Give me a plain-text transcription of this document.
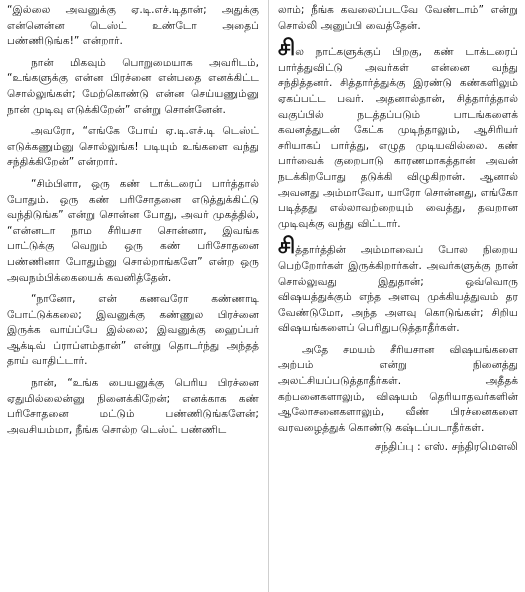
“இல்லை அவனுக்கு ஏ.டி.எச்.டிதான்; அதுக்கு என்னென்ன டெஸ்ட் உண்டோ அதைப் பண்ணிடுங்க!” என்றார்.

நான் மிகவும் பொறுமையாக அவரிடம், “உங்களுக்கு என்ன பிரச்னை என்பதை எனக்கிட்ட சொல்லுங்கள்; மேற்கொண்டு என்ன செய்யணும்னு நான் முடிவு எடுக்கிறேன்” என்று சொன்னேன்.

அவரோ, “எங்கே போய் ஏ.டி.எச்.டி டெஸ்ட் எடுக்கணும்னு சொல்லுங்க! படியும் உங்களை வந்து சந்திக்கிறேன்” என்றார்.

“சிம்பிளா, ஒரு கண் டாக்டரைப் பார்த்தால் போதும். ஒரு கண் பரிசோதனை எடுத்துக்கிட்டு வந்திடுங்க” என்று சொன்ன போது, அவர் முகத்தில், “என்னடா நாம சீரியசா சொன்னா, இவங்க பாட்டுக்கு வெறும் ஒரு கண் பரிசோதனை பண்ணினா போதும்னு சொல்றாங்களே” என்ற ஒரு அவநம்பிக்கையைக் கவனித்தேன்.

“நானோ, என் கணவரோ கண்ணாடி போட்டுக்கலை; இவனுக்கு கண்ணுல பிரச்னை இருக்க வாய்ப்பே இல்லை; இவனுக்கு ஹைப்பர் ஆக்டிவ் ப்ராப்ளம்தான்” என்று தொடர்ந்து அந்தத் தாய் வாதிட்டார்.

நான், “உங்க பையனுக்கு பெரிய பிரச்னை ஏதுமில்லைன்னு நினைக்கிறேன்; எனக்காக கண் பரிசோதனை மட்டும் பண்ணிடுங்களேன்; அவசியம்மா, நீங்க சொல்ற டெஸ்ட் பண்ணிட

லாம்; நீங்க கவலைப்படவே வேண்டாம்” என்று சொல்லி அனுப்பி வைத்தேன்.

சில நாட்களுக்குப் பிறகு, கண் டாக்டரைப் பார்த்துவிட்டு அவர்கள் என்னை வந்து சந்தித்தனர். சித்தார்த்துக்கு இரண்டு கண்களிலும் ஏகப்பட்ட பவர். அதனால்தான், சித்தார்த்தால் வகுப்பில் நடத்தப்படும் பாடங்களைக் கவனத்துடன் கேட்க முடிந்தாலும், ஆசிரியர் சரியாகப் பார்த்து, எழுத முடியவில்லை. கண் பார்வைக் குறைபாடு காரணமாகத்தான் அவன் நடக்கிறபோது தடுக்கி விழுகிறான். ஆனால் அவனது அம்மாவோ, யாரோ சொன்னது, எங்கோ படித்தது எல்லாவற்றையும் வைத்து, தவறான முடிவுக்கு வந்து விட்டார்.

சித்தார்த்தின் அம்மாவைப் போல நிறைய பெற்றோர்கள் இருக்கிறார்கள். அவர்களுக்கு நான் சொல்லுவது இதுதான்; ஒவ்வொரு விஷயத்துக்கும் எந்த அளவு முக்கியத்துவம் தர வேண்டுமோ, அந்த அளவு கொடுங்கள்; சிறிய விஷயங்களைப் பெரிதுபடுத்தாதீர்கள்.

அதே சமயம் சீரியசான விஷயங்களை அற்பம் என்று நினைத்து அலட்சியப்படுத்தாதீர்கள். அதீதக் கற்பனைகளாலும், விஷயம் தெரியாதவர்களின் ஆலோசனைகளாலும், வீண் பிரச்னைகளை வரவழைத்துக் கொண்டு கஷ்டப்படாதீர்கள்.

சந்திப்பு : எஸ். சந்திரமௌலி
